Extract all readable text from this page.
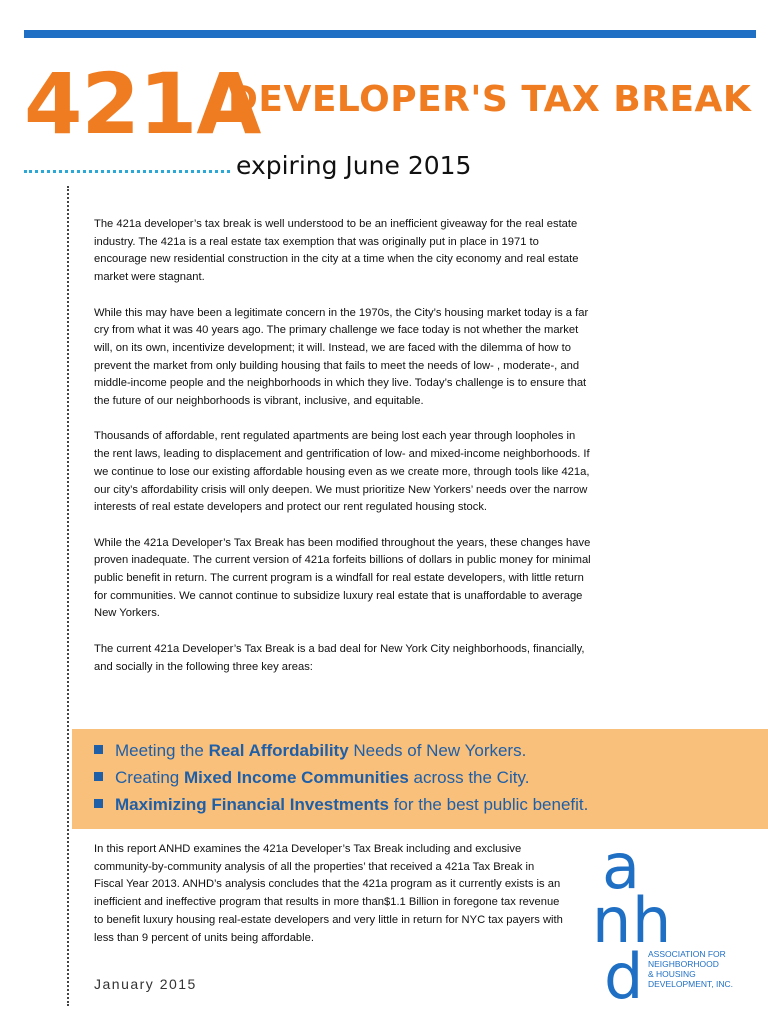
421A
DEVELOPER'S TAX BREAK
expiring June 2015

The 421a developer’s tax break is well understood to be an inefficient giveaway for the real estate industry. The 421a is a real estate tax exemption that was originally put in place in 1971 to encourage new residential construction in the city at a time when the city economy and real estate market were stagnant.

While this may have been a legitimate concern in the 1970s, the City’s housing market today is a far cry from what it was 40 years ago. The primary challenge we face today is not whether the market will, on its own, incentivize development; it will. Instead, we are faced with the dilemma of how to prevent the market from only building housing that fails to meet the needs of low- , moderate-, and middle-income people and the neighborhoods in which they live. Today’s challenge is to ensure that the future of our neighborhoods is vibrant, inclusive, and equitable.

Thousands of affordable, rent regulated apartments are being lost each year through loopholes in the rent laws, leading to displacement and gentrification of low- and mixed-income neighborhoods. If we continue to lose our existing affordable housing even as we create more, through tools like 421a, our city’s affordability crisis will only deepen. We must prioritize New Yorkers’ needs over the narrow interests of real estate developers and protect our rent regulated housing stock.

While the 421a Developer’s Tax Break has been modified throughout the years, these changes have proven inadequate. The current version of 421a forfeits billions of dollars in public money for minimal public benefit in return. The current program is a windfall for real estate developers, with little return for communities. We cannot continue to subsidize luxury real estate that is unaffordable to average New Yorkers.

The current 421a Developer’s Tax Break is a bad deal for New York City neighborhoods, financially, and socially in the following three key areas:

Meeting the Real Affordability Needs of New Yorkers.
Creating Mixed Income Communities across the City.
Maximizing Financial Investments for the best public benefit.
In this report ANHD examines the 421a Developer’s Tax Break including and exclusive community-by-community analysis of all the properties’ that received a 421a Tax Break in Fiscal Year 2013. ANHD’s analysis concludes that the 421a program as it currently exists is an inefficient and ineffective program that results in more than$1.1 Billion in foregone tax revenue to benefit luxury housing real-estate developers and very little in return for NYC tax payers with less than 9 percent of units being affordable.
January 2015
a
n h
d ASSOCIATION FOR
NEIGHBORHOOD
& HOUSING
DEVELOPMENT, INC.
